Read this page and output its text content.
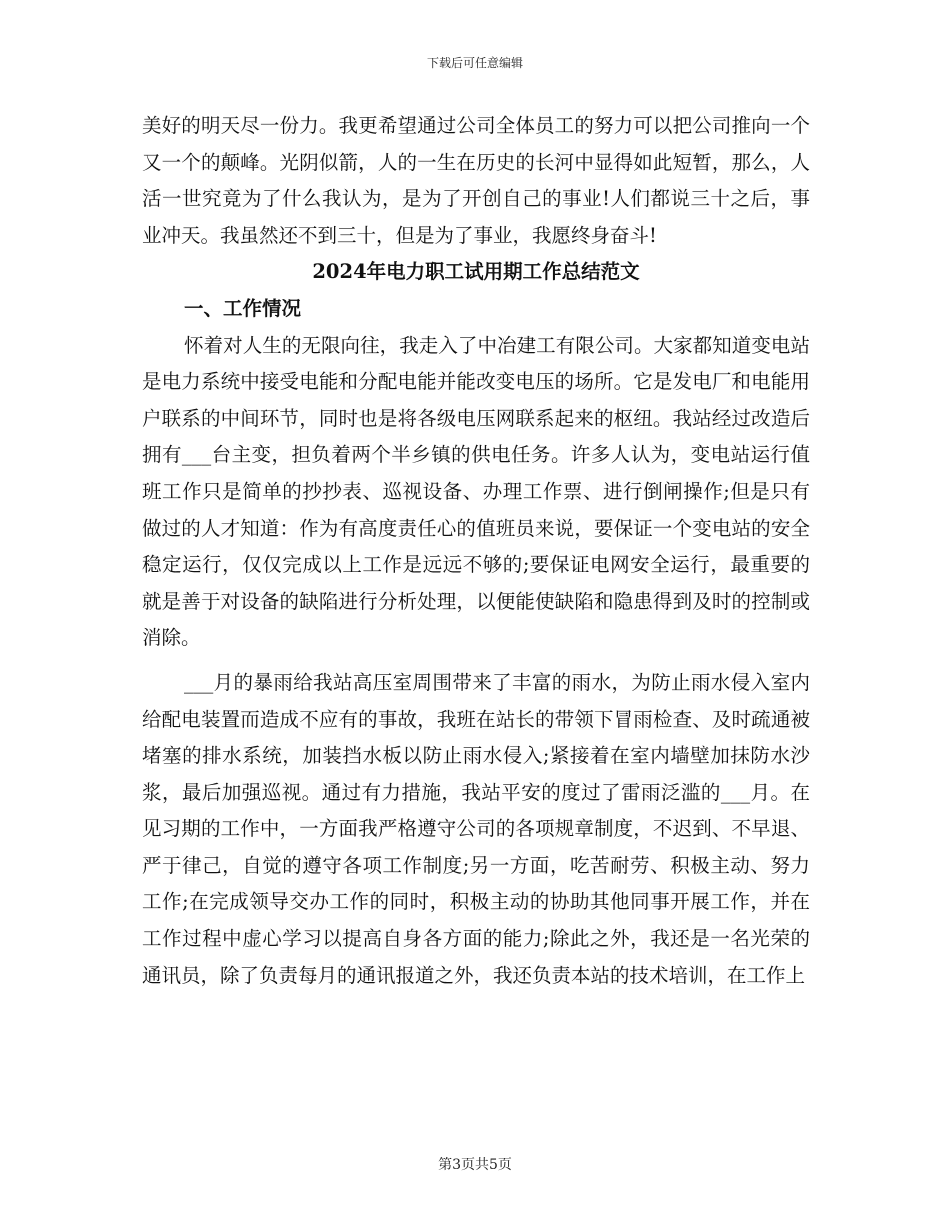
下载后可任意编辑

美好的明天尽一份力。我更希望通过公司全体员工的努力可以把公司推向一个又一个的颠峰。光阴似箭，人的一生在历史的长河中显得如此短暂，那么，人活一世究竟为了什么我认为，是为了开创自己的事业!人们都说三十之后，事业冲天。我虽然还不到三十，但是为了事业，我愿终身奋斗!

2024年电力职工试用期工作总结范文
一、工作情况

怀着对人生的无限向往，我走入了中冶建工有限公司。大家都知道变电站是电力系统中接受电能和分配电能并能改变电压的场所。它是发电厂和电能用户联系的中间环节，同时也是将各级电压网联系起来的枢纽。我站经过改造后拥有___台主变，担负着两个半乡镇的供电任务。许多人认为，变电站运行值班工作只是简单的抄抄表、巡视设备、办理工作票、进行倒闸操作;但是只有做过的人才知道：作为有高度责任心的值班员来说，要保证一个变电站的安全稳定运行，仅仅完成以上工作是远远不够的;要保证电网安全运行，最重要的就是善于对设备的缺陷进行分析处理，以便能使缺陷和隐患得到及时的控制或消除。

___月的暴雨给我站高压室周围带来了丰富的雨水，为防止雨水侵入室内给配电装置而造成不应有的事故，我班在站长的带领下冒雨检查、及时疏通被堵塞的排水系统，加装挡水板以防止雨水侵入;紧接着在室内墙壁加抹防水沙浆，最后加强巡视。通过有力措施，我站平安的度过了雷雨泛滥的___月。在见习期的工作中，一方面我严格遵守公司的各项规章制度，不迟到、不早退、严于律己，自觉的遵守各项工作制度;另一方面，吃苦耐劳、积极主动、努力工作;在完成领导交办工作的同时，积极主动的协助其他同事开展工作，并在工作过程中虚心学习以提高自身各方面的能力;除此之外，我还是一名光荣的通讯员，除了负责每月的通讯报道之外，我还负责本站的技术培训，在工作上

第3页共5页
